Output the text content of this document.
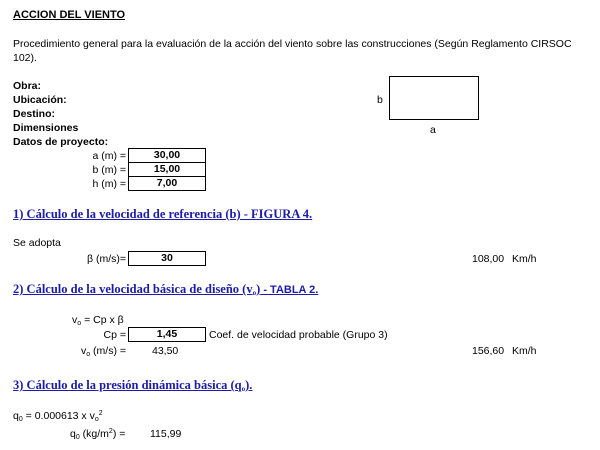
ACCION DEL VIENTO
Procedimiento general para la evaluación de la acción del viento sobre las construcciones (Según Reglamento CIRSOC 102).
Obra:
Ubicación:
Destino:
Dimensiones
Datos de proyecto:
b
a
a (m) =	30,00
b (m) =	15,00
h (m) =	7,00
1) Cálculo de la velocidad de referencia (b) - FIGURA 4.
Se adopta
β (m/s)=	30	108,00 Km/h
2) Cálculo de la velocidad básica de diseño $(v_o)$ - TABLA 2.
$v_o = Cp$ x β
Cp =	1,45	Coef. de velocidad probable (Grupo 3)
$v_o$ (m/s) = 43,50	156,60 Km/h
3) Cálculo de la presión dinámica básica $(q_o)$.
$q_0 = 0.000613$ x $v_o^2$
$q_0$ $(kg/m^2) = 115,99$
